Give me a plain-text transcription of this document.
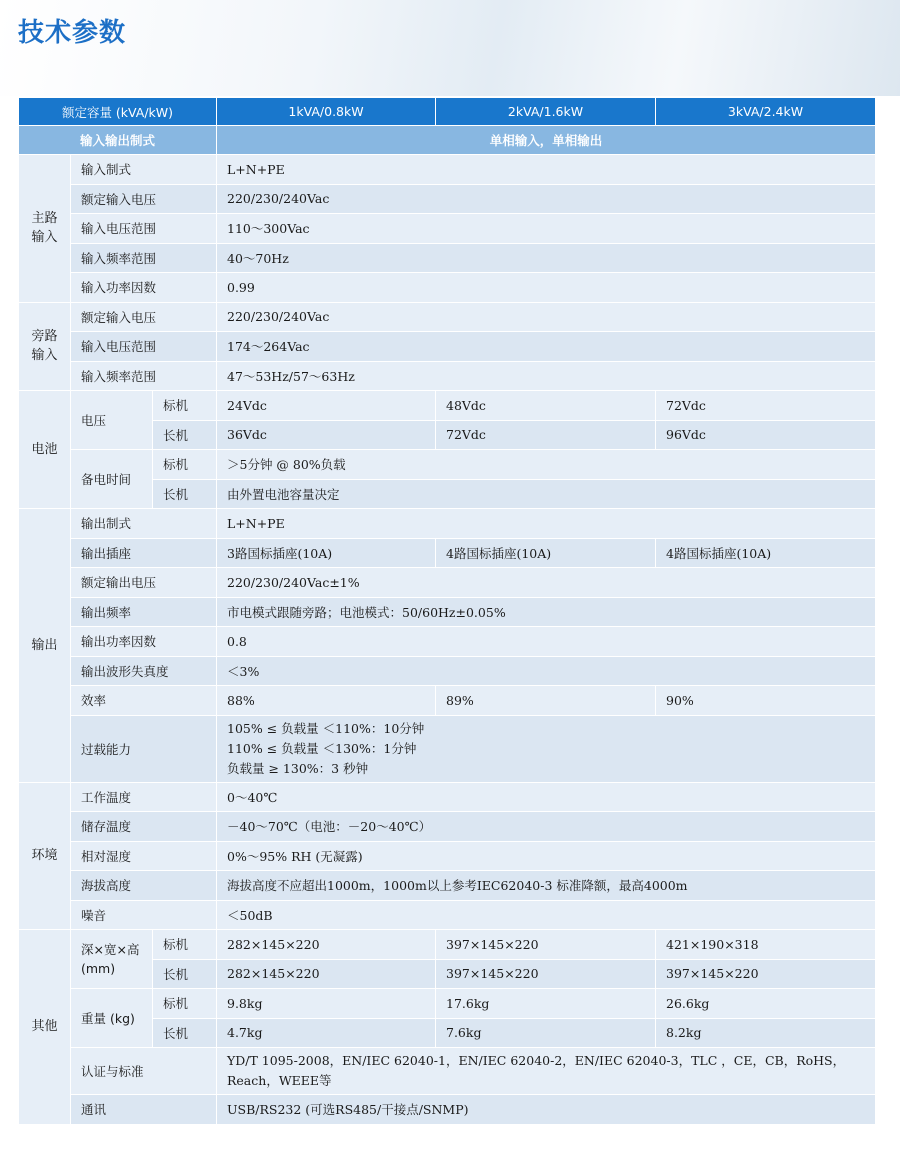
技术参数
额定容量 (kVA/kW)			1kVA/0.8kW	2kVA/1.6kW	3kVA/2.4kW
输入输出制式			单相输入，单相输出		
主路输入	输入制式		L+N+PE		
	额定输入电压		220/230/240Vac		
	输入电压范围		110～300Vac		
	输入频率范围		40～70Hz		
	输入功率因数		0.99		
旁路输入	额定输入电压		220/230/240Vac		
	输入电压范围		174～264Vac		
	输入频率范围		47～53Hz/57～63Hz		
电池	电压	标机	24Vdc	48Vdc	72Vdc
		长机	36Vdc	72Vdc	96Vdc
	备电时间	标机	＞5分钟 @ 80%负载		
		长机	由外置电池容量决定		
输出	输出制式		L+N+PE		
	输出插座		3路国标插座(10A)	4路国标插座(10A)	4路国标插座(10A)
	额定输出电压		220/230/240Vac±1%		
	输出频率		市电模式跟随旁路；电池模式：50/60Hz±0.05%		
	输出功率因数		0.8		
	输出波形失真度		＜3%		
	效率		88%	89%	90%
	过载能力		105% ≤ 负载量 ＜110%：10分钟
110% ≤ 负载量 ＜130%：1分钟
负载量 ≥ 130%：3 秒钟		

环境	工作温度		0～40℃		
	储存温度		－40～70℃（电池：－20～40℃）		
	相对湿度		0%～95% RH (无凝露)		
	海拔高度		海拔高度不应超出1000m，1000m以上参考IEC62040-3 标准降额，最高4000m		
	噪音		＜50dB		
其他	深×宽×高 (mm)	标机	282×145×220	397×145×220	421×190×318
		长机	282×145×220	397×145×220	397×145×220
	重量 (kg)	标机	9.8kg	17.6kg	26.6kg
		长机	4.7kg	7.6kg	8.2kg
	认证与标准		YD/T 1095-2008，EN/IEC 62040-1，EN/IEC 62040-2，EN/IEC 62040-3，TLC ，CE，CB，RoHS，Reach，WEEE等		
	通讯		USB/RS232 (可选RS485/干接点/SNMP)		
